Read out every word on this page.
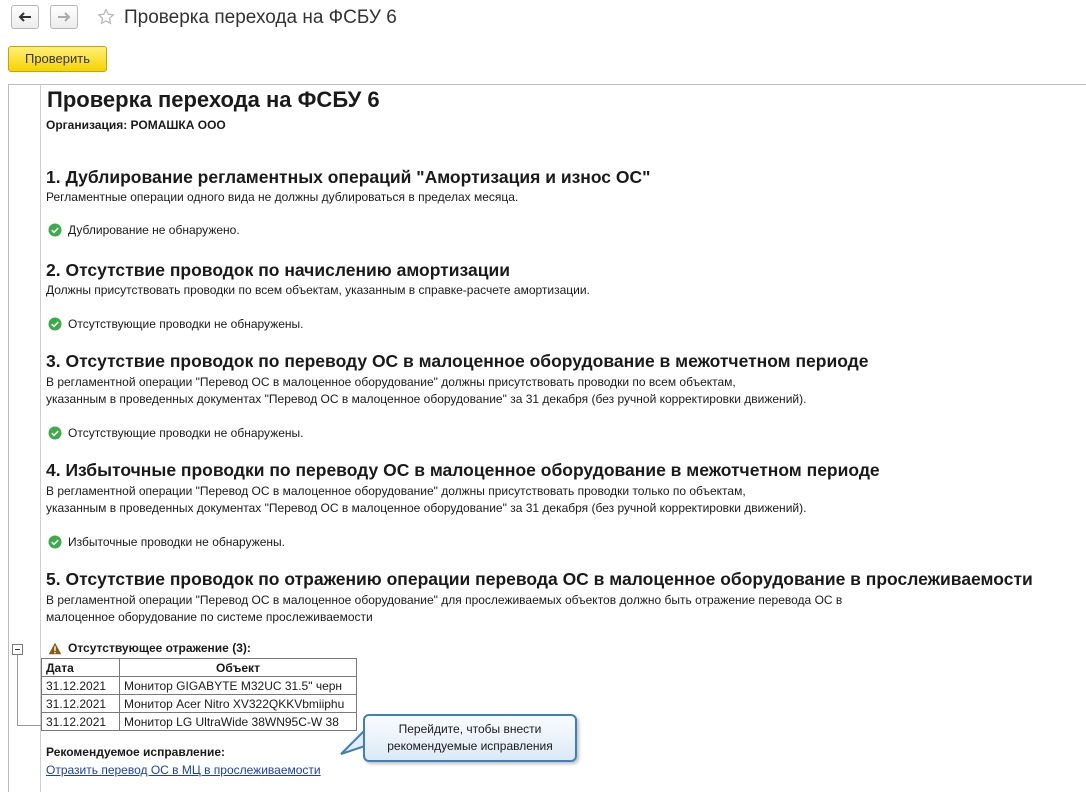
Проверка перехода на ФСБУ 6
Проверить
Проверка перехода на ФСБУ 6
Организация: РОМАШКА ООО
1. Дублирование регламентных операций "Амортизация и износ ОС"
Регламентные операции одного вида не должны дублироваться в пределах месяца.
Дублирование не обнаружено.
2. Отсутствие проводок по начислению амортизации
Должны присутствовать проводки по всем объектам, указанным в справке-расчете амортизации.
Отсутствующие проводки не обнаружены.
3. Отсутствие проводок по переводу ОС в малоценное оборудование в межотчетном периоде
В регламентной операции "Перевод ОС в малоценное оборудование" должны присутствовать проводки по всем объектам,
указанным в проведенных документах "Перевод ОС в малоценное оборудование" за 31 декабря (без ручной корректировки движений).
Отсутствующие проводки не обнаружены.
4. Избыточные проводки по переводу ОС в малоценное оборудование в межотчетном периоде
В регламентной операции "Перевод ОС в малоценное оборудование" должны присутствовать проводки только по объектам,
указанным в проведенных документах "Перевод ОС в малоценное оборудование" за 31 декабря (без ручной корректировки движений).
Избыточные проводки не обнаружены.
5. Отсутствие проводок по отражению операции перевода ОС в малоценное оборудование в прослеживаемости
В регламентной операции "Перевод ОС в малоценное оборудование" для прослеживаемых объектов должно быть отражение перевода ОС в
малоценное оборудование по системе прослеживаемости
Отсутствующее отражение (3):
Дата	Объект
31.12.2021	Монитор GIGABYTE M32UC 31.5" черн
31.12.2021	Монитор Acer Nitro XV322QKKVbmiiphu
31.12.2021	Монитор LG UltraWide 38WN95C-W 38
Рекомендуемое исправление:
Отразить перевод ОС в МЦ в прослеживаемости
Перейдите, чтобы внести
рекомендуемые исправления
